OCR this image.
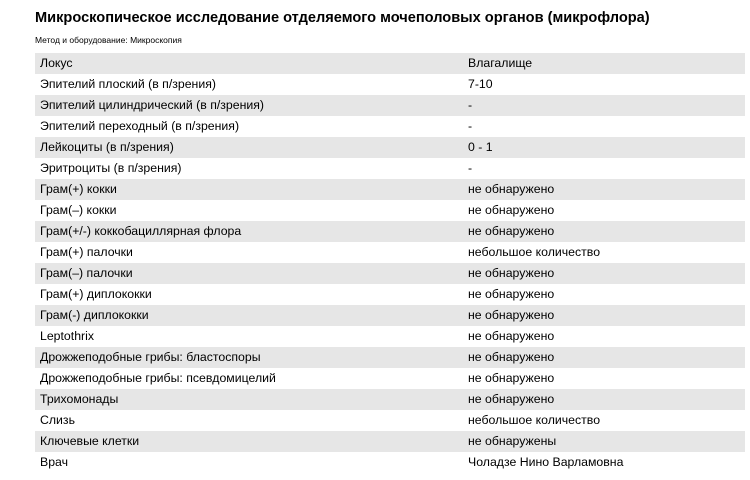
Микроскопическое исследование отделяемого мочеполовых органов (микрофлора)
Метод и оборудование: Микроскопия
Локус	Влагалище
Эпителий плоский (в п/зрения)	7-10
Эпителий цилиндрический (в п/зрения)	-
Эпителий переходный (в п/зрения)	-
Лейкоциты (в п/зрения)	0 - 1
Эритроциты (в п/зрения)	-
Грам(+) кокки	не обнаружено
Грам(–) кокки	не обнаружено
Грам(+/-) коккобациллярная флора	не обнаружено
Грам(+) палочки	небольшое количество
Грам(–) палочки	не обнаружено
Грам(+) диплококки	не обнаружено
Грам(-) диплококки	не обнаружено
Leptothrix	не обнаружено
Дрожжеподобные грибы: бластоспоры	не обнаружено
Дрожжеподобные грибы: псевдомицелий	не обнаружено
Трихомонады	не обнаружено
Слизь	небольшое количество
Ключевые клетки	не обнаружены
Врач	Чоладзе Нино Варламовна
